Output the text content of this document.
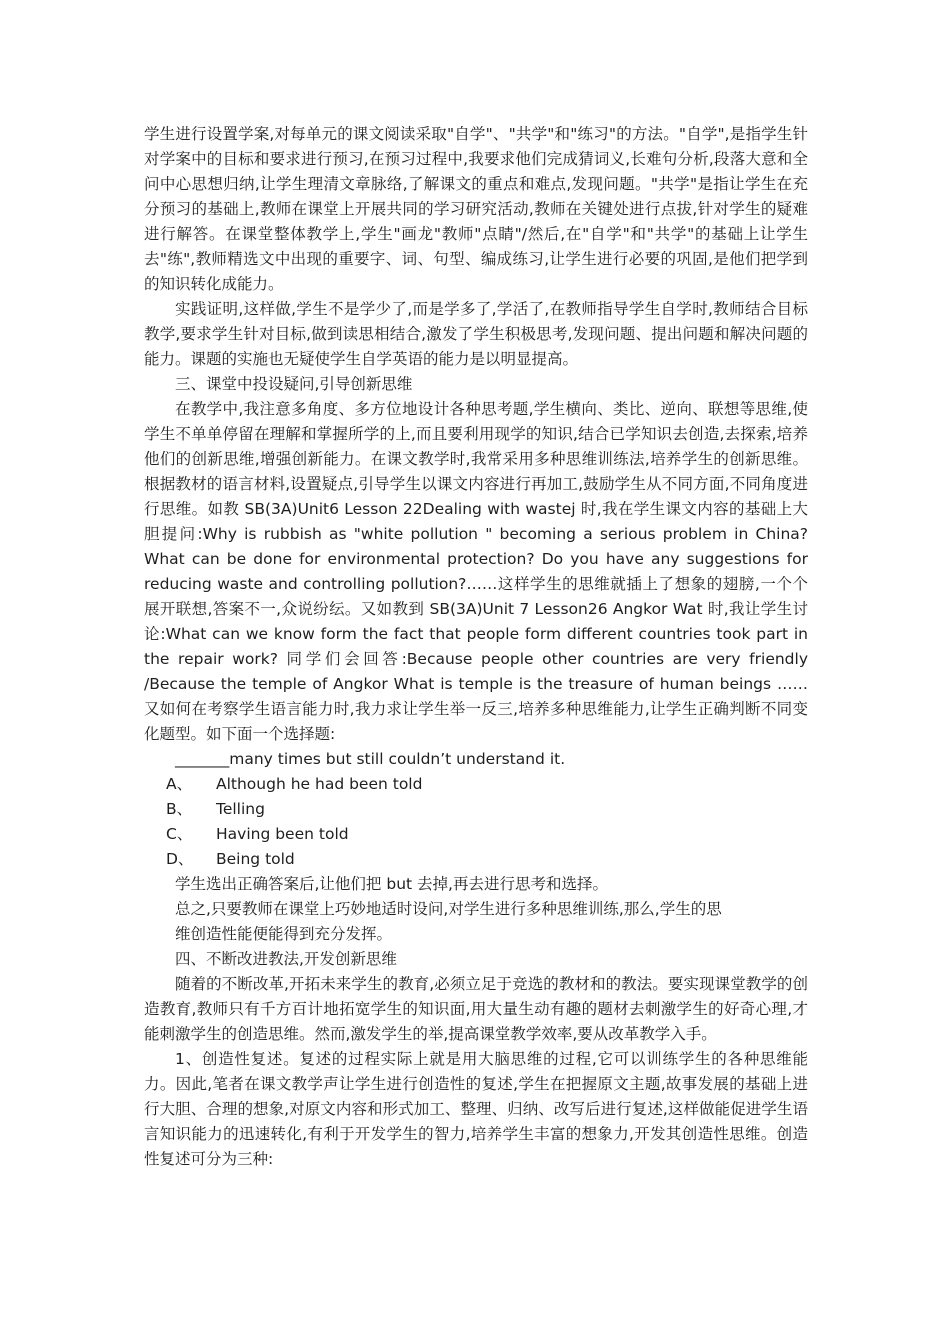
学生进行设置学案,对每单元的课文阅读采取"自学"、"共学"和"练习"的方法。"自学",是指学生针对学案中的目标和要求进行预习,在预习过程中,我要求他们完成猜词义,长难句分析,段落大意和全问中心思想归纳,让学生理清文章脉络,了解课文的重点和难点,发现问题。"共学"是指让学生在充分预习的基础上,教师在课堂上开展共同的学习研究活动,教师在关键处进行点拔,针对学生的疑难进行解答。在课堂整体教学上,学生"画龙"教师"点睛"/然后,在"自学"和"共学"的基础上让学生去"练",教师精选文中出现的重要字、词、句型、编成练习,让学生进行必要的巩固,是他们把学到的知识转化成能力。

实践证明,这样做,学生不是学少了,而是学多了,学活了,在教师指导学生自学时,教师结合目标教学,要求学生针对目标,做到读思相结合,激发了学生积极思考,发现问题、提出问题和解决问题的能力。课题的实施也无疑使学生自学英语的能力是以明显提高。

三、课堂中投设疑问,引导创新思维

在教学中,我注意多角度、多方位地设计各种思考题,学生横向、类比、逆向、联想等思维,使学生不单单停留在理解和掌握所学的上,而且要利用现学的知识,结合已学知识去创造,去探索,培养他们的创新思维,增强创新能力。在课文教学时,我常采用多种思维训练法,培养学生的创新思维。根据教材的语言材料,设置疑点,引导学生以课文内容进行再加工,鼓励学生从不同方面,不同角度进行思维。如教 SB(3A)Unit6 Lesson 22Dealing with wastej 时,我在学生课文内容的基础上大胆提问:Why is rubbish as "white pollution " becoming a serious problem in China? What can be done for environmental protection? Do you have any suggestions for reducing waste and controlling pollution?……这样学生的思维就插上了想象的翅膀,一个个展开联想,答案不一,众说纷纭。又如教到 SB(3A)Unit 7 Lesson26 Angkor Wat 时,我让学生讨论:What can we know form the fact that people form different countries took part in the repair work? 同学们会回答:Because people other countries are very friendly /Because the temple of Angkor What is temple is the treasure of human beings ……又如何在考察学生语言能力时,我力求让学生举一反三,培养多种思维能力,让学生正确判断不同变化题型。如下面一个选择题:

_______many times but still couldn’t understand it.

A、 Although he had been told

B、 Telling

C、 Having been told

D、 Being told

学生选出正确答案后,让他们把 but 去掉,再去进行思考和选择。

总之,只要教师在课堂上巧妙地适时设问,对学生进行多种思维训练,那么,学生的思

维创造性能便能得到充分发挥。

四、不断改进教法,开发创新思维

随着的不断改革,开拓未来学生的教育,必须立足于竞选的教材和的教法。要实现课堂教学的创造教育,教师只有千方百计地拓宽学生的知识面,用大量生动有趣的题材去刺激学生的好奇心理,才能刺激学生的创造思维。然而,激发学生的举,提高课堂教学效率,要从改革教学入手。

1、创造性复述。复述的过程实际上就是用大脑思维的过程,它可以训练学生的各种思维能力。因此,笔者在课文教学声让学生进行创造性的复述,学生在把握原文主题,故事发展的基础上进行大胆、合理的想象,对原文内容和形式加工、整理、归纳、改写后进行复述,这样做能促进学生语言知识能力的迅速转化,有利于开发学生的智力,培养学生丰富的想象力,开发其创造性思维。创造性复述可分为三种:
